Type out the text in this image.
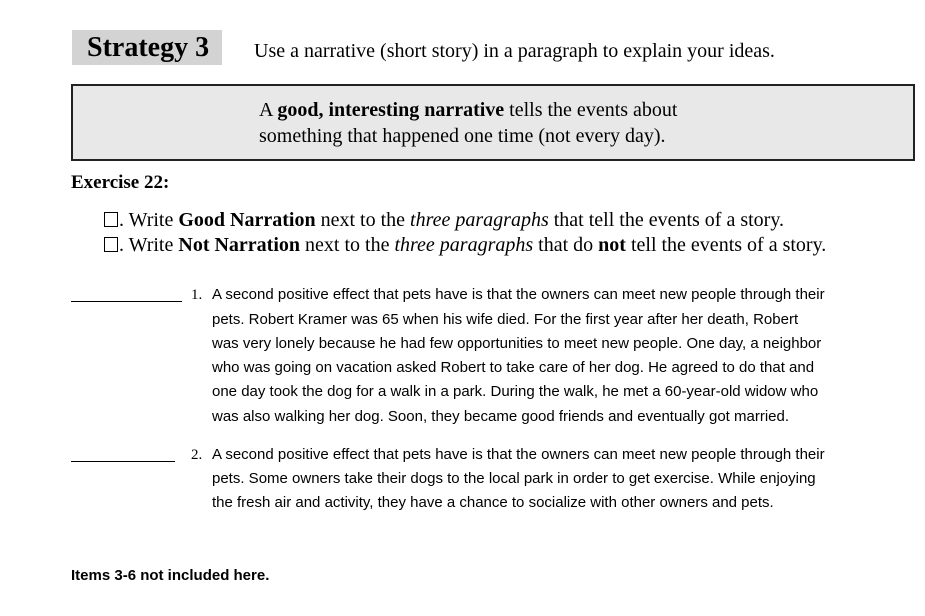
Strategy 3	Use a narrative (short story) in a paragraph to explain your ideas.
A good, interesting narrative tells the events about
something that happened one time (not every day).
Exercise 22:
. Write Good Narration next to the three paragraphs that tell the events of a story.
. Write Not Narration next to the three paragraphs that do not tell the events of a story.
1. A second positive effect that pets have is that the owners can meet new people through their
pets. Robert Kramer was 65 when his wife died. For the first year after her death, Robert
was very lonely because he had few opportunities to meet new people. One day, a neighbor
who was going on vacation asked Robert to take care of her dog. He agreed to do that and
one day took the dog for a walk in a park. During the walk, he met a 60-year-old widow who
was also walking her dog. Soon, they became good friends and eventually got married.
2. A second positive effect that pets have is that the owners can meet new people through their
pets. Some owners take their dogs to the local park in order to get exercise. While enjoying
the fresh air and activity, they have a chance to socialize with other owners and pets.
Items 3-6 not included here.
